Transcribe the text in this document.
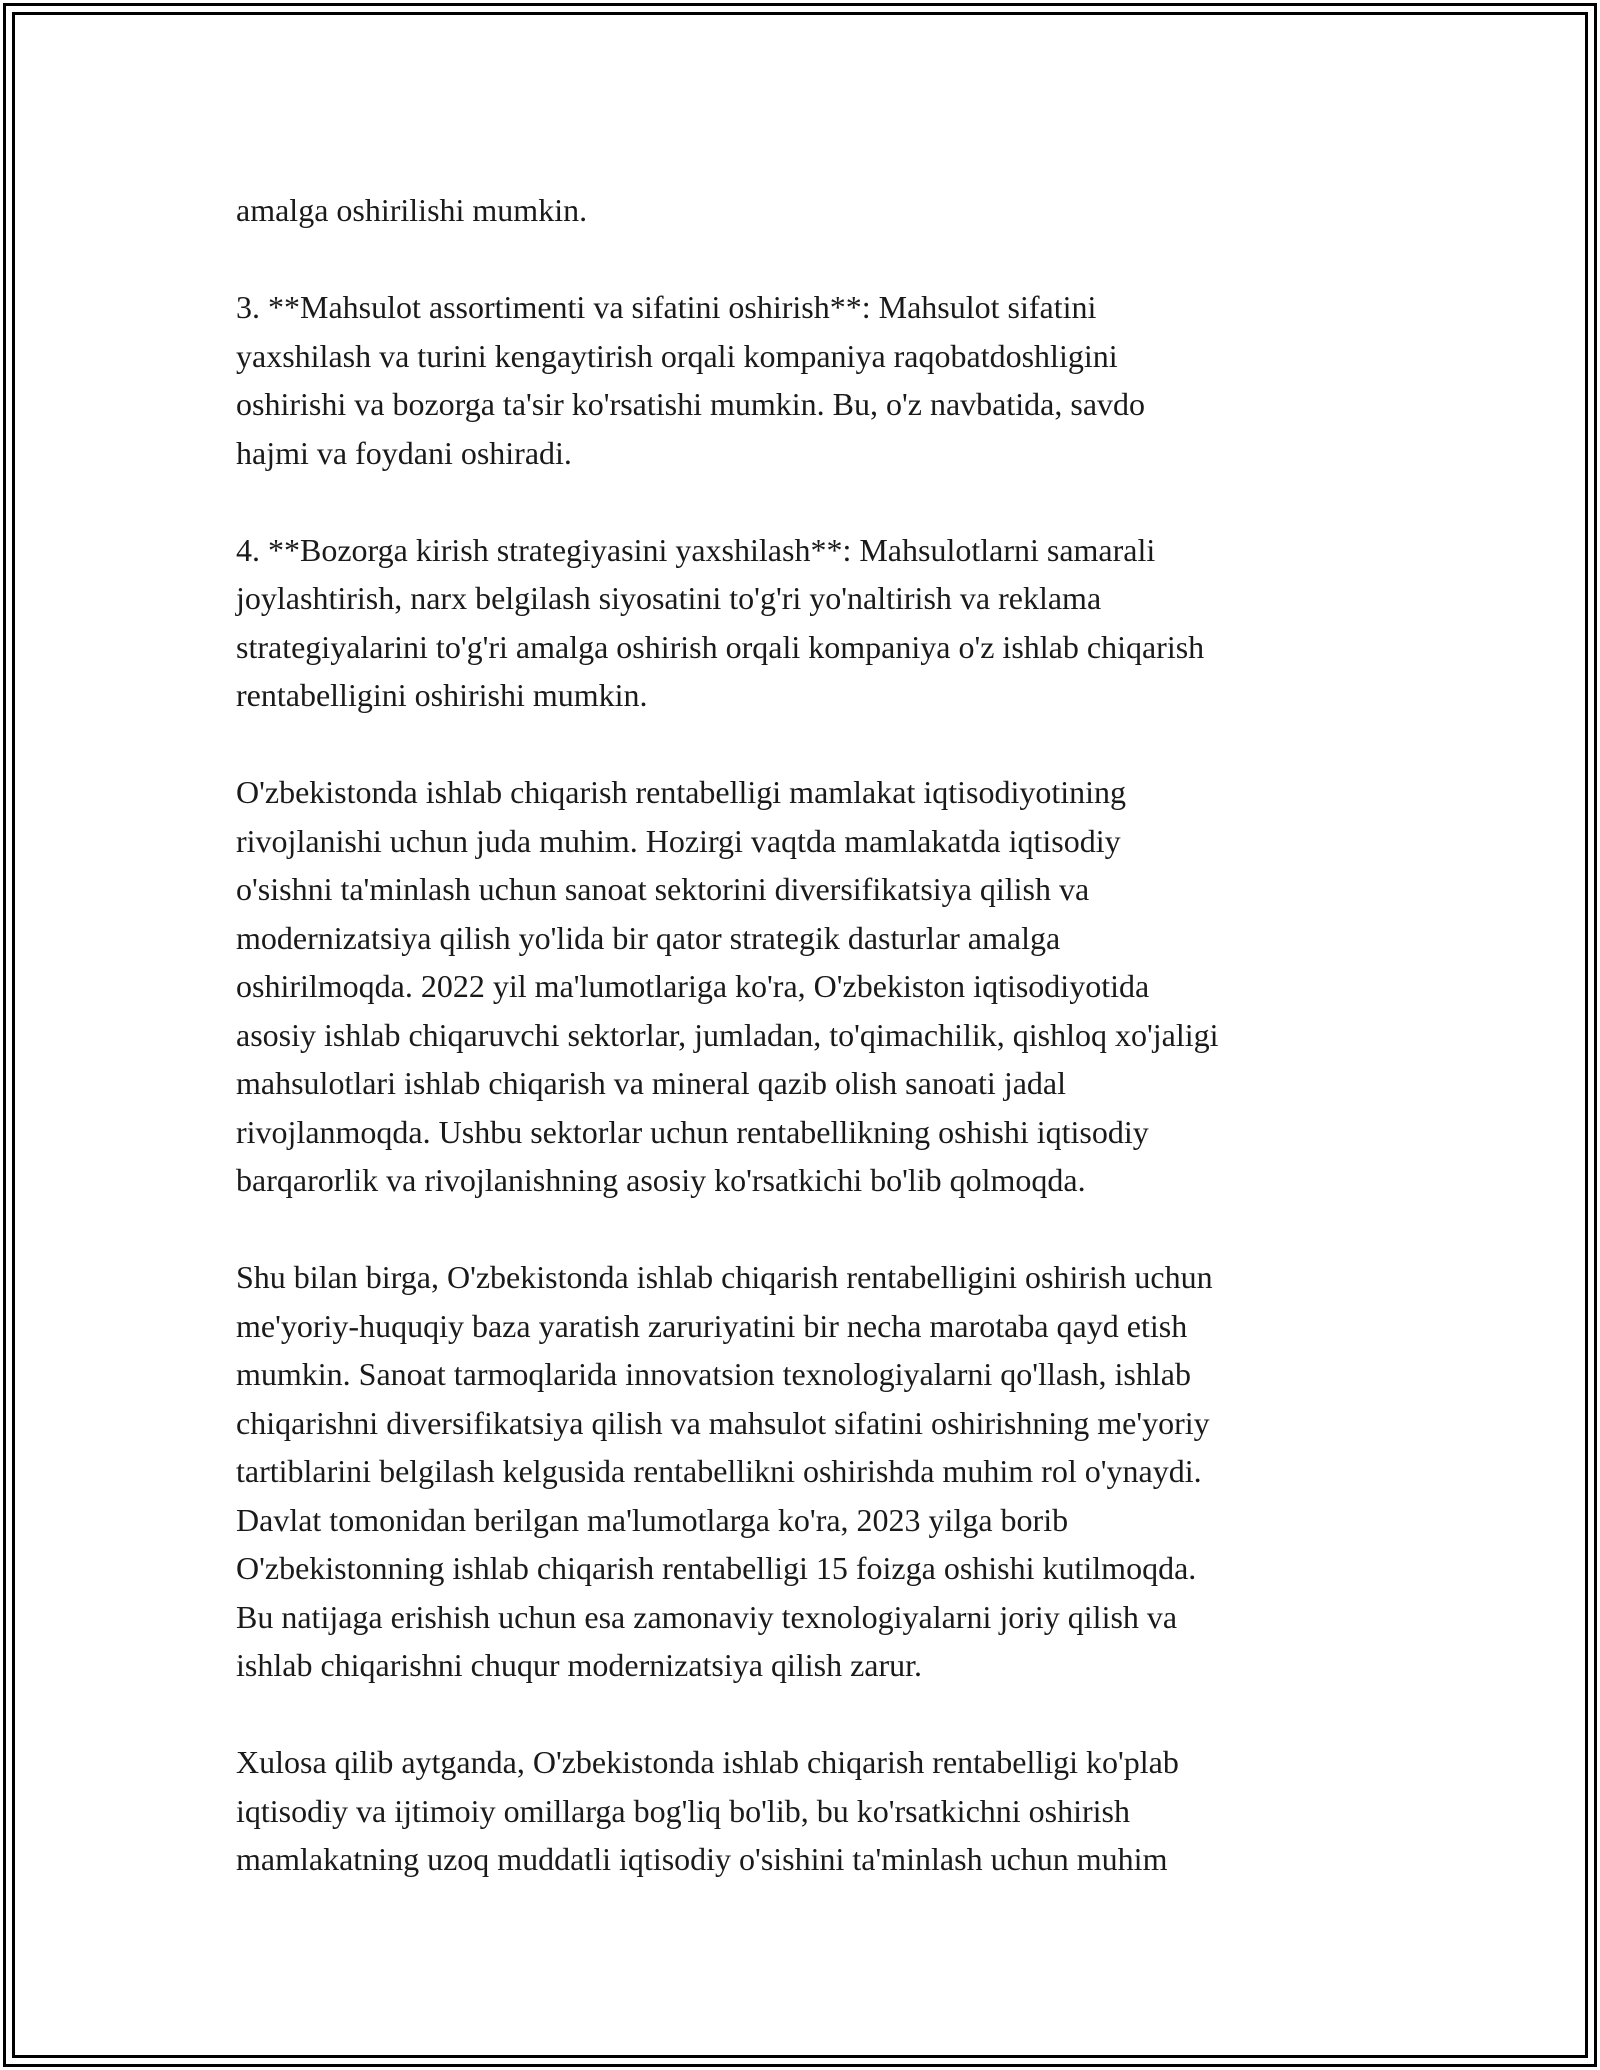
amalga oshirilishi mumkin.

3. **Mahsulot assortimenti va sifatini oshirish**: Mahsulot sifatini
yaxshilash va turini kengaytirish orqali kompaniya raqobatdoshligini
oshirishi va bozorga ta'sir ko'rsatishi mumkin. Bu, o'z navbatida, savdo
hajmi va foydani oshiradi.

4. **Bozorga kirish strategiyasini yaxshilash**: Mahsulotlarni samarali
joylashtirish, narx belgilash siyosatini to'g'ri yo'naltirish va reklama
strategiyalarini to'g'ri amalga oshirish orqali kompaniya o'z ishlab chiqarish
rentabelligini oshirishi mumkin.

O'zbekistonda ishlab chiqarish rentabelligi mamlakat iqtisodiyotining
rivojlanishi uchun juda muhim. Hozirgi vaqtda mamlakatda iqtisodiy
o'sishni ta'minlash uchun sanoat sektorini diversifikatsiya qilish va
modernizatsiya qilish yo'lida bir qator strategik dasturlar amalga
oshirilmoqda. 2022 yil ma'lumotlariga ko'ra, O'zbekiston iqtisodiyotida
asosiy ishlab chiqaruvchi sektorlar, jumladan, to'qimachilik, qishloq xo'jaligi
mahsulotlari ishlab chiqarish va mineral qazib olish sanoati jadal
rivojlanmoqda. Ushbu sektorlar uchun rentabellikning oshishi iqtisodiy
barqarorlik va rivojlanishning asosiy ko'rsatkichi bo'lib qolmoqda.

Shu bilan birga, O'zbekistonda ishlab chiqarish rentabelligini oshirish uchun
me'yoriy-huquqiy baza yaratish zaruriyatini bir necha marotaba qayd etish
mumkin. Sanoat tarmoqlarida innovatsion texnologiyalarni qo'llash, ishlab
chiqarishni diversifikatsiya qilish va mahsulot sifatini oshirishning me'yoriy
tartiblarini belgilash kelgusida rentabellikni oshirishda muhim rol o'ynaydi.
Davlat tomonidan berilgan ma'lumotlarga ko'ra, 2023 yilga borib
O'zbekistonning ishlab chiqarish rentabelligi 15 foizga oshishi kutilmoqda.
Bu natijaga erishish uchun esa zamonaviy texnologiyalarni joriy qilish va
ishlab chiqarishni chuqur modernizatsiya qilish zarur.

Xulosa qilib aytganda, O'zbekistonda ishlab chiqarish rentabelligi ko'plab
iqtisodiy va ijtimoiy omillarga bog'liq bo'lib, bu ko'rsatkichni oshirish
mamlakatning uzoq muddatli iqtisodiy o'sishini ta'minlash uchun muhim
